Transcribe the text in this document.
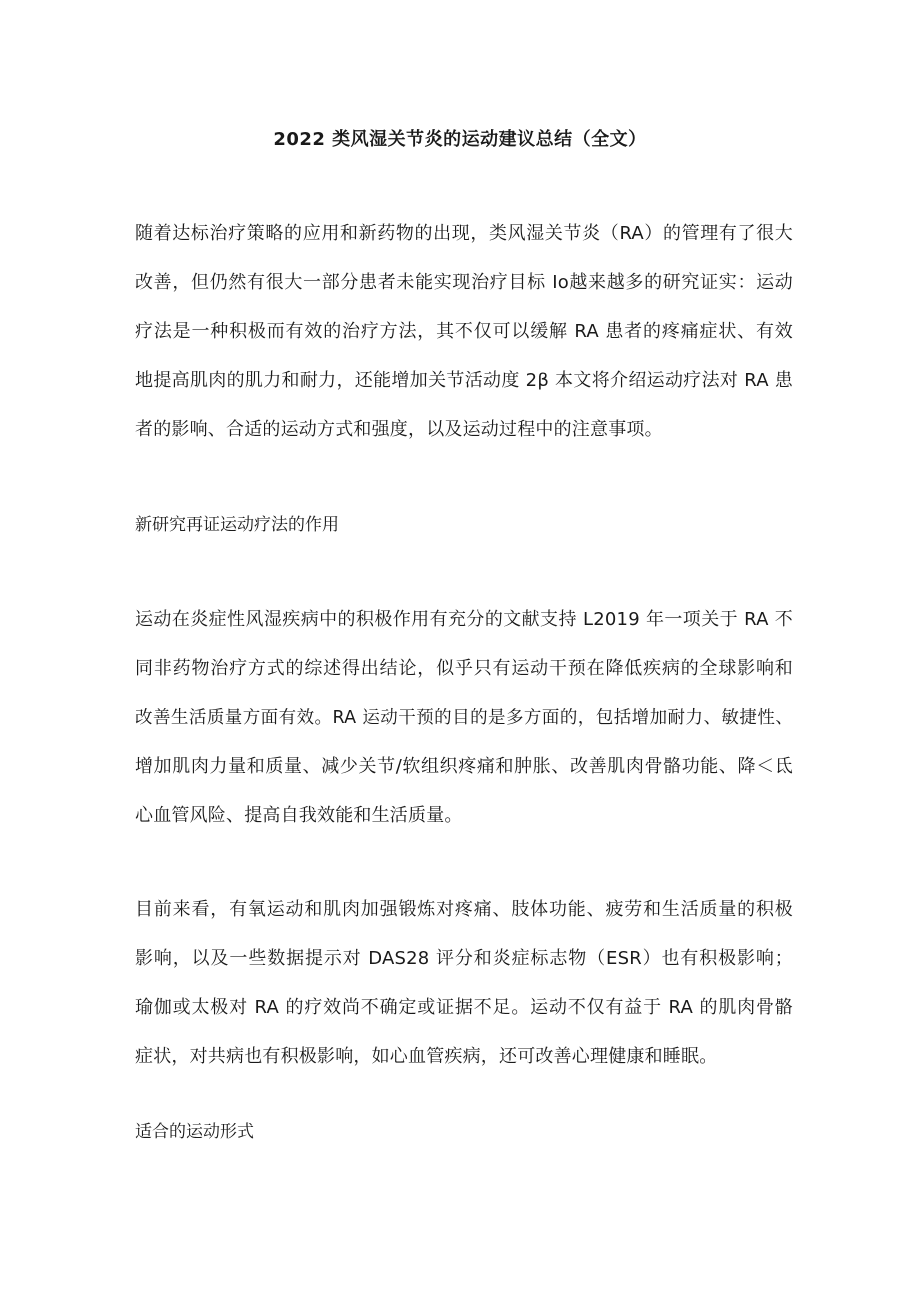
2022 类风湿关节炎的运动建议总结（全文）

随着达标治疗策略的应用和新药物的出现，类风湿关节炎（RA）的管理有了很大
改善，但仍然有很大一部分患者未能实现治疗目标 Io越来越多的研究证实：运动
疗法是一种积极而有效的治疗方法，其不仅可以缓解 RA 患者的疼痛症状、有效
地提高肌肉的肌力和耐力，还能增加关节活动度 2β 本文将介绍运动疗法对 RA 患
者的影响、合适的运动方式和强度，以及运动过程中的注意事项。

新研究再证运动疗法的作用

运动在炎症性风湿疾病中的积极作用有充分的文献支持 L2019 年一项关于 RA 不
同非药物治疗方式的综述得出结论，似乎只有运动干预在降低疾病的全球影响和
改善生活质量方面有效。RA 运动干预的目的是多方面的，包括增加耐力、敏捷性、
增加肌肉力量和质量、减少关节/软组织疼痛和肿胀、改善肌肉骨骼功能、降＜氐
心血管风险、提高自我效能和生活质量。

目前来看，有氧运动和肌肉加强锻炼对疼痛、肢体功能、疲劳和生活质量的积极
影响，以及一些数据提示对 DAS28 评分和炎症标志物（ESR）也有积极影响；
瑜伽或太极对 RA 的疗效尚不确定或证据不足。运动不仅有益于 RA 的肌肉骨骼
症状，对共病也有积极影响，如心血管疾病，还可改善心理健康和睡眠。

适合的运动形式
